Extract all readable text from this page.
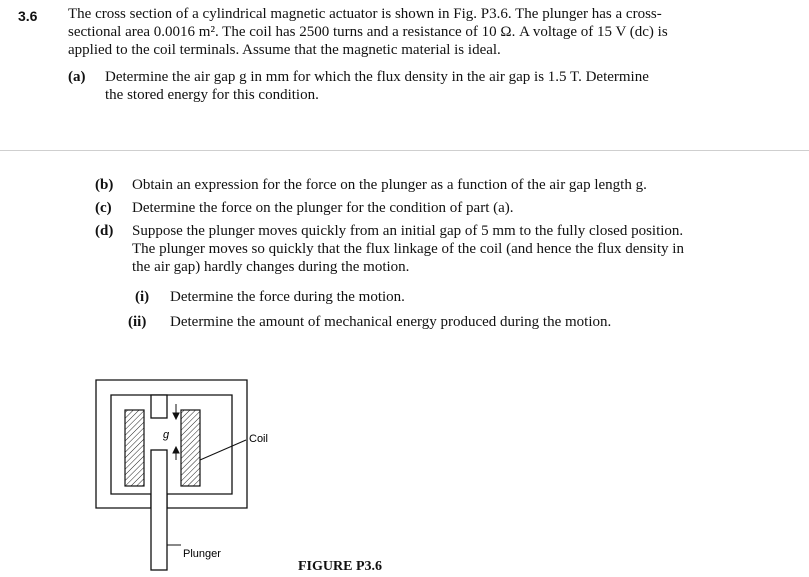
3.6 The cross section of a cylindrical magnetic actuator is shown in Fig. P3.6. The plunger has a cross-
sectional area 0.0016 m². The coil has 2500 turns and a resistance of 10 Ω. A voltage of 15 V (dc) is
applied to the coil terminals. Assume that the magnetic material is ideal.
(a) Determine the air gap g in mm for which the flux density in the air gap is 1.5 T. Determine
the stored energy for this condition.
(b) Obtain an expression for the force on the plunger as a function of the air gap length g.
(c) Determine the force on the plunger for the condition of part (a).
(d) Suppose the plunger moves quickly from an initial gap of 5 mm to the fully closed position.
The plunger moves so quickly that the flux linkage of the coil (and hence the flux density in
the air gap) hardly changes during the motion.
(i) Determine the force during the motion.
(ii) Determine the amount of mechanical energy produced during the motion.
g	Coil
Plunger
FIGURE P3.6
